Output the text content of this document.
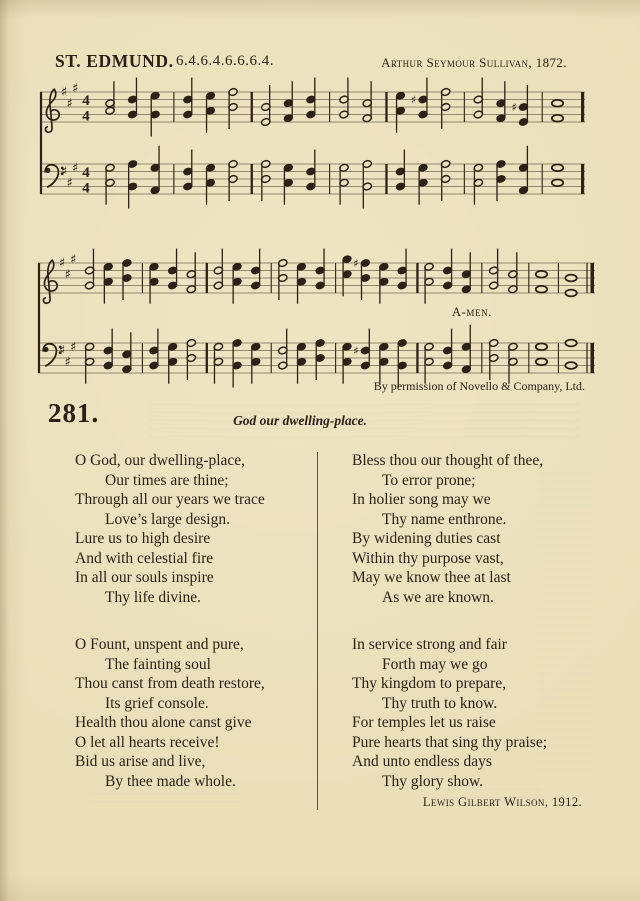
ST. EDMUND. 6.4.6.4.6.6.6.4.	Arthur Seymour Sullivan, 1872.
♯
♯
♯
4
4
♯
♯
♯ 4
4
♯
♯
♯
♯
♯
♯
♯
♯
♯
♯
A-men.
By permission of Novello & Company, Ltd.
281.	God our dwelling-place.
O God, our dwelling-place,
Our times are thine;
Through all our years we trace
Love’s large design.
Lure us to high desire
And with celestial fire
In all our souls inspire
Thy life divine.
O Fount, unspent and pure,
The fainting soul
Thou canst from death restore,
Its grief console.
Health thou alone canst give
O let all hearts receive!
Bid us arise and live,
By thee made whole.
Bless thou our thought of thee,
To error prone;
In holier song may we
Thy name enthrone.
By widening duties cast
Within thy purpose vast,
May we know thee at last
As we are known.
In service strong and fair
Forth may we go
Thy kingdom to prepare,
Thy truth to know.
For temples let us raise
Pure hearts that sing thy praise;
And unto endless days
Thy glory show.
Lewis Gilbert Wilson, 1912.
